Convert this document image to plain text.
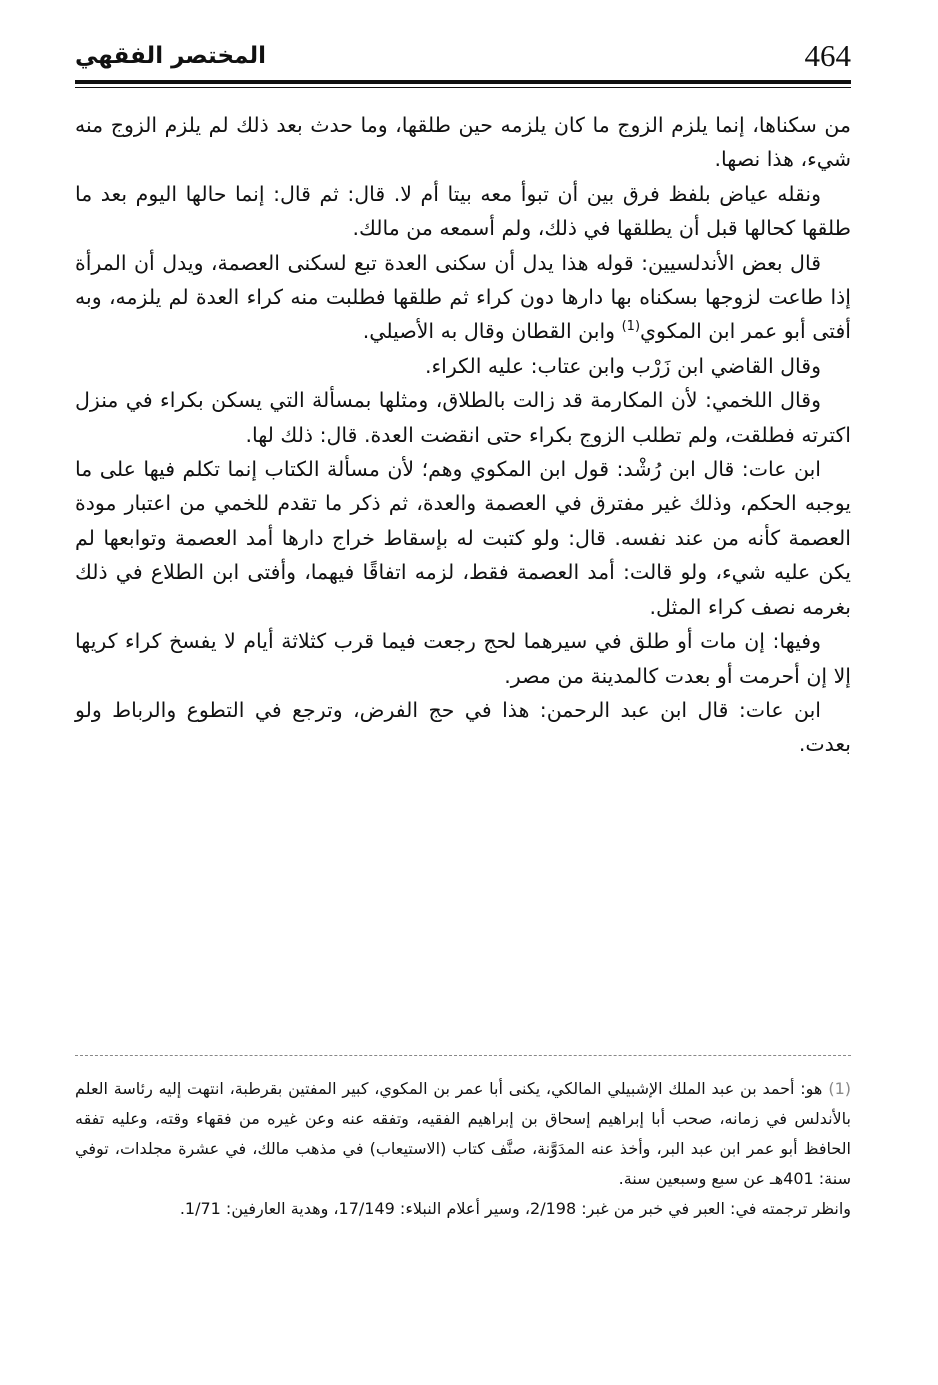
464
المختصر الفقهي

من سكناها، إنما يلزم الزوج ما كان يلزمه حين طلقها، وما حدث بعد ذلك لم يلزم الزوج منه شيء، هذا نصها.

ونقله عياض بلفظ فرق بين أن تبوأ معه بيتا أم لا. قال: ثم قال: إنما حالها اليوم بعد ما طلقها كحالها قبل أن يطلقها في ذلك، ولم أسمعه من مالك.

قال بعض الأندلسيين: قوله هذا يدل أن سكنى العدة تبع لسكنى العصمة، ويدل أن المرأة إذا طاعت لزوجها بسكناه بها دارها دون كراء ثم طلقها فطلبت منه كراء العدة لم يلزمه، وبه أفتى أبو عمر ابن المكوي$^{(1)}$ وابن القطان وقال به الأصيلي.

وقال القاضي ابن زَرْب وابن عتاب: عليه الكراء.

وقال اللخمي: لأن المكارمة قد زالت بالطلاق، ومثلها بمسألة التي يسكن بكراء في منزل اكترته فطلقت، ولم تطلب الزوج بكراء حتى انقضت العدة. قال: ذلك لها.

ابن عات: قال ابن رُشْد: قول ابن المكوي وهم؛ لأن مسألة الكتاب إنما تكلم فيها على ما يوجبه الحكم، وذلك غير مفترق في العصمة والعدة، ثم ذكر ما تقدم للخمي من اعتبار مودة العصمة كأنه من عند نفسه. قال: ولو كتبت له بإسقاط خراج دارها أمد العصمة وتوابعها لم يكن عليه شيء، ولو قالت: أمد العصمة فقط، لزمه اتفاقًا فيهما، وأفتى ابن الطلاع في ذلك بغرمه نصف كراء المثل.

وفيها: إن مات أو طلق في سيرهما لحج رجعت فيما قرب كثلاثة أيام لا يفسخ كراء كريها إلا إن أحرمت أو بعدت كالمدينة من مصر.

ابن عات: قال ابن عبد الرحمن: هذا في حج الفرض، وترجع في التطوع والرباط ولو بعدت.

(1)هو: أحمد بن عبد الملك الإشبيلي المالكي، يكنى أبا عمر بن المكوي، كبير المفتين بقرطبة، انتهت إليه رئاسة العلم بالأندلس في زمانه، صحب أبا إبراهيم إسحاق بن إبراهيم الفقيه، وتفقه عنه وعن غيره من فقهاء وقته، وعليه تفقه الحافظ أبو عمر ابن عبد البر، وأخذ عنه المدَوَّنة، صنَّف كتاب (الاستيعاب) في مذهب مالك، في عشرة مجلدات، توفي سنة: 401هـ عن سبع وسبعين سنة.

وانظر ترجمته في: العبر في خبر من غبر: 2/198، وسير أعلام النبلاء: 17/149، وهدية العارفين: 1/71.
